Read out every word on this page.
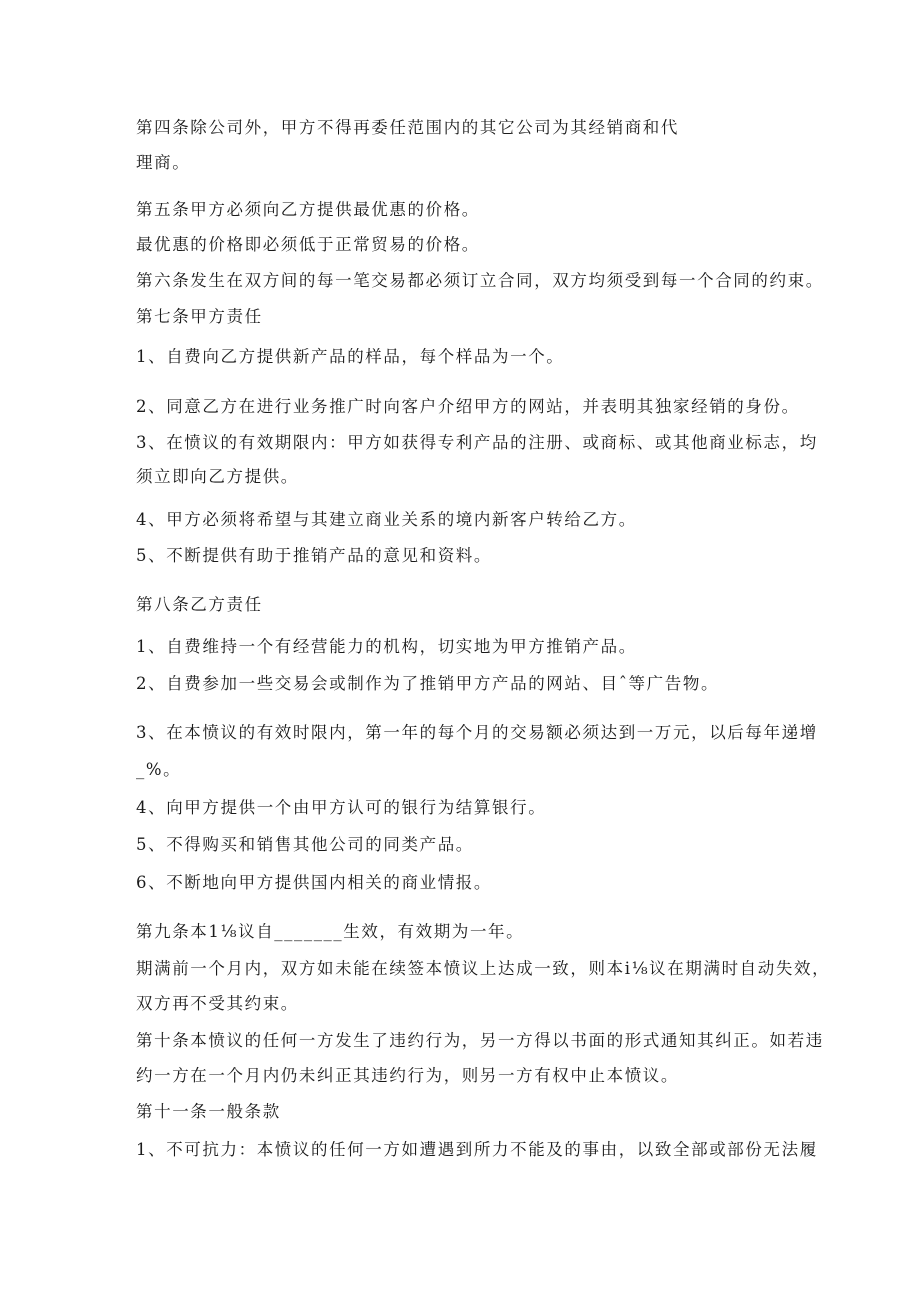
第四条除公司外，甲方不得再委任范围内的其它公司为其经销商和代
理商。
第五条甲方必须向乙方提供最优惠的价格。
最优惠的价格即必须低于正常贸易的价格。
第六条发生在双方间的每一笔交易都必须订立合同，双方均须受到每一个合同的约束。
第七条甲方责任
1、自费向乙方提供新产品的样品，每个样品为一个。
2、同意乙方在进行业务推广时向客户介绍甲方的网站，并表明其独家经销的身份。
3、在愤议的有效期限内：甲方如获得专利产品的注册、或商标、或其他商业标志，均
须立即向乙方提供。
4、甲方必须将希望与其建立商业关系的境内新客户转给乙方。
5、不断提供有助于推销产品的意见和资料。
第八条乙方责任
1、自费维持一个有经营能力的机构，切实地为甲方推销产品。
2、自费参加一些交易会或制作为了推销甲方产品的网站、目ˆ等广告物。
3、在本愤议的有效时限内，第一年的每个月的交易额必须达到一万元，以后每年递增
_%。
4、向甲方提供一个由甲方认可的银行为结算银行。
5、不得购买和销售其他公司的同类产品。
6、不断地向甲方提供国内相关的商业情报。
第九条本1⅛议自_______生效，有效期为一年。
期满前一个月内，双方如未能在续签本愤议上达成一致，则本i⅛议在期满时自动失效，
双方再不受其约束。
第十条本愤议的任何一方发生了违约行为，另一方得以书面的形式通知其纠正。如若违
约一方在一个月内仍未纠正其违约行为，则另一方有权中止本愤议。
第十一条一般条款
1、不可抗力：本愤议的任何一方如遭遇到所力不能及的事由，以致全部或部份无法履
